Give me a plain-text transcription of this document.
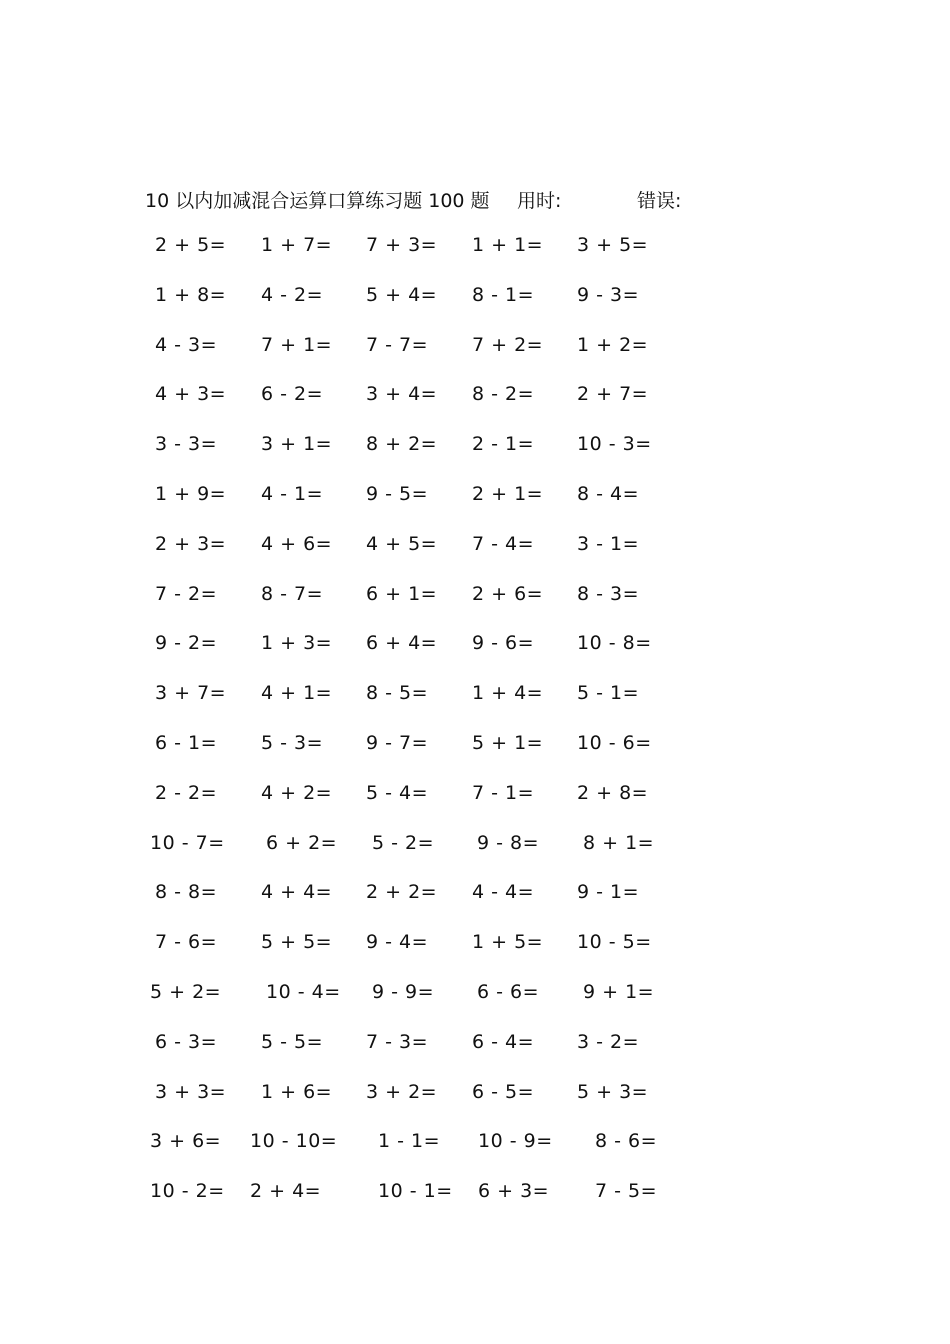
10 以内加减混合运算口算练习题 100 题 用时:	错误:
2 + 5= 1 + 7= 7 + 3= 1 + 1= 3 + 5=
1 + 8= 4 - 2= 5 + 4= 8 - 1= 9 - 3=
4 - 3= 7 + 1= 7 - 7= 7 + 2= 1 + 2=
4 + 3= 6 - 2= 3 + 4= 8 - 2= 2 + 7=
3 - 3= 3 + 1= 8 + 2= 2 - 1= 10 - 3=
1 + 9= 4 - 1= 9 - 5= 2 + 1= 8 - 4=
2 + 3= 4 + 6= 4 + 5= 7 - 4= 3 - 1=
7 - 2= 8 - 7= 6 + 1= 2 + 6= 8 - 3=
9 - 2= 1 + 3= 6 + 4= 9 - 6= 10 - 8=
3 + 7= 4 + 1= 8 - 5= 1 + 4= 5 - 1=
6 - 1= 5 - 3= 9 - 7= 5 + 1= 10 - 6=
2 - 2= 4 + 2= 5 - 4= 7 - 1= 2 + 8=
10 - 7= 6 + 2= 5 - 2= 9 - 8= 8 + 1=
8 - 8= 4 + 4= 2 + 2= 4 - 4= 9 - 1=
7 - 6= 5 + 5= 9 - 4= 1 + 5= 10 - 5=
5 + 2= 10 - 4= 9 - 9= 6 - 6= 9 + 1=
6 - 3= 5 - 5= 7 - 3= 6 - 4= 3 - 2=
3 + 3= 1 + 6= 3 + 2= 6 - 5= 5 + 3=
3 + 6= 10 - 10= 1 - 1= 10 - 9= 8 - 6=
10 - 2= 2 + 4=	10 - 1= 6 + 3= 7 - 5=
